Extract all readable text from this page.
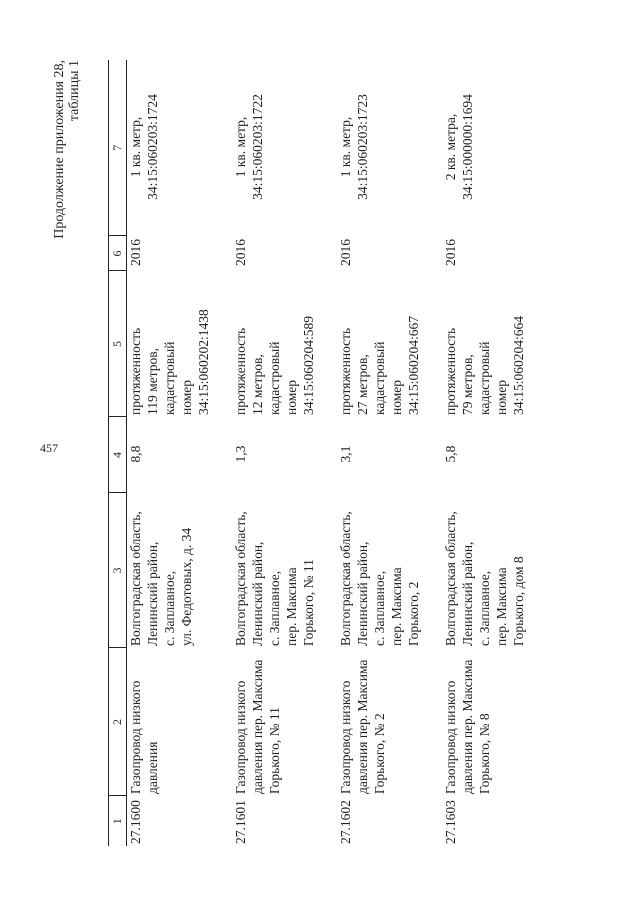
457
Продолжение приложения 28, таблицы 1
1	2	3	4	5	6	7
27.1600	Газопровод низкого
давления	Волгоградская область,
Ленинский район,
с. Заплавное,
ул. Федотовых, д. 34	8,8	протяженность
119 метров,
кадастровый
номер
34:15:060202:1438	2016	1 кв. метр,
34:15:060203:1724
27.1601	Газопровод низкого
давления пер. Максима
Горького, № 11	Волгоградская область,
Ленинский район,
с. Заплавное,
пер. Максима
Горького, № 11	1,3	протяженность
12 метров,
кадастровый
номер
34:15:060204:589	2016	1 кв. метр,
34:15:060203:1722
27.1602	Газопровод низкого
давления пер. Максима
Горького, № 2	Волгоградская область,
Ленинский район,
с. Заплавное,
пер. Максима
Горького, 2	3,1	протяженность
27 метров,
кадастровый
номер
34:15:060204:667	2016	1 кв. метр,
34:15:060203:1723
27.1603	Газопровод низкого
давления пер. Максима
Горького, № 8	Волгоградская область,
Ленинский район,
с. Заплавное,
пер. Максима
Горького, дом 8	5,8	протяженность
79 метров,
кадастровый
номер
34:15:060204:664	2016	2 кв. метра,
34:15:000000:1694
